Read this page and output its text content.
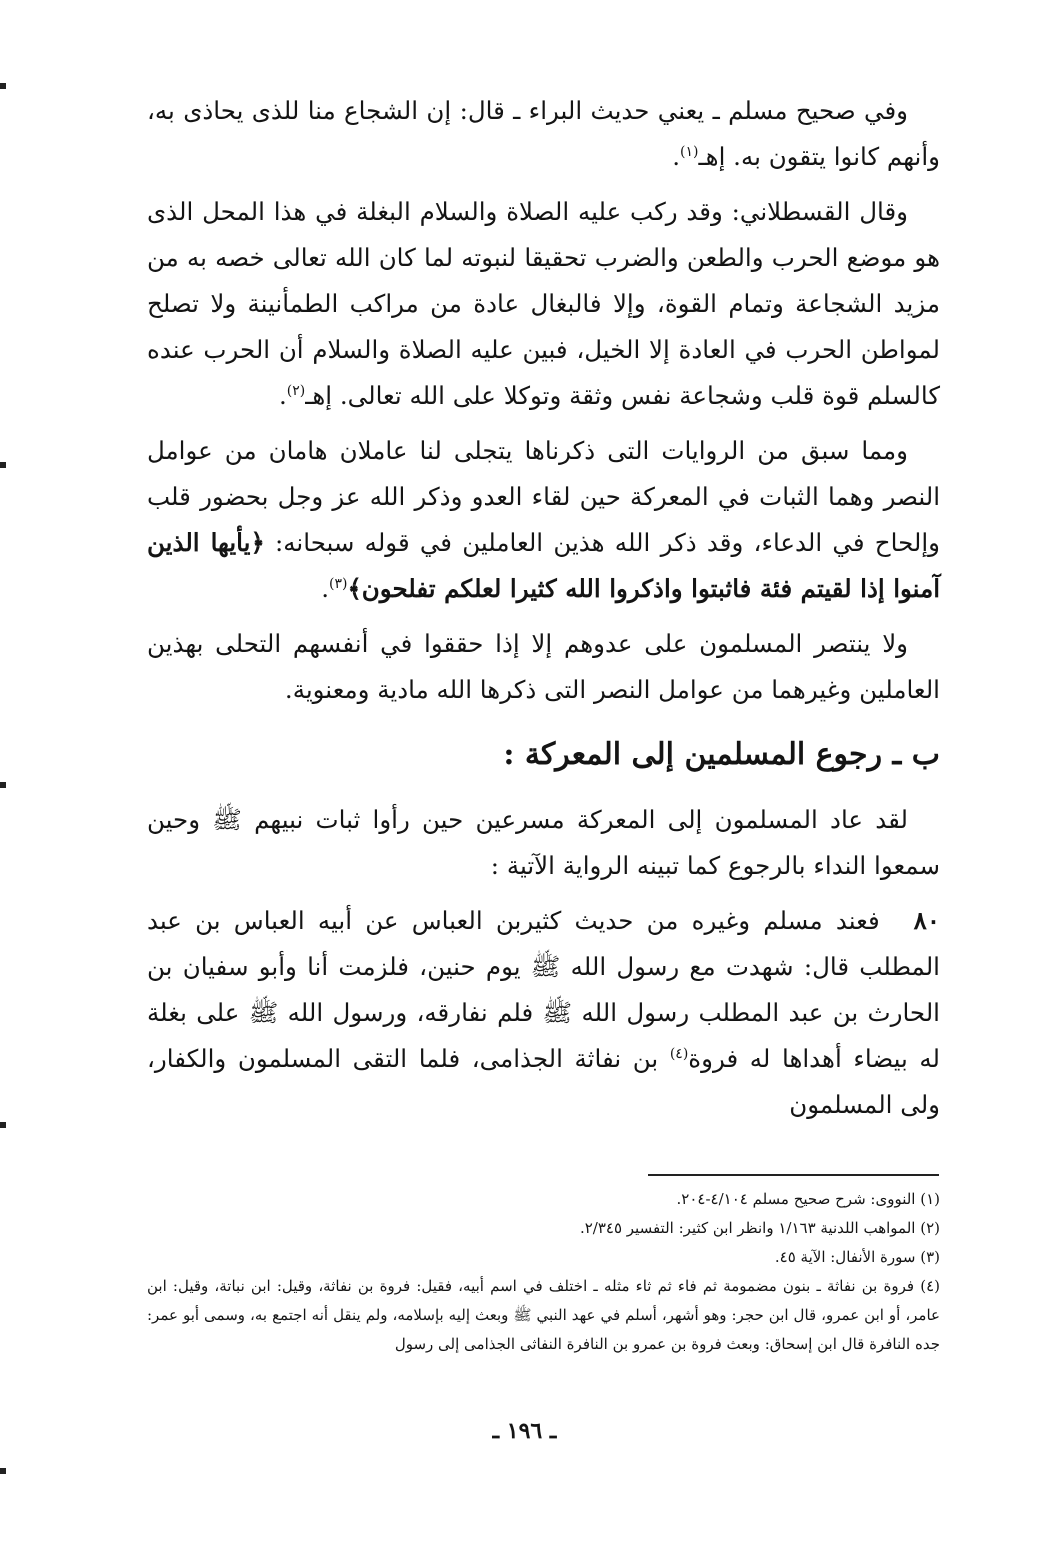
وفي صحيح مسلم ـ يعني حديث البراء ـ قال: إن الشجاع منا للذى يحاذى به، وأنهم كانوا يتقون به. إهـ$^{(١)}$.

وقال القسطلاني: وقد ركب عليه الصلاة والسلام البغلة في هذا المحل الذى هو موضع الحرب والطعن والضرب تحقيقا لنبوته لما كان الله تعالى خصه به من مزيد الشجاعة وتمام القوة، وإلا فالبغال عادة من مراكب الطمأنينة ولا تصلح لمواطن الحرب في العادة إلا الخيل، فبين عليه الصلاة والسلام أن الحرب عنده كالسلم قوة قلب وشجاعة نفس وثقة وتوكلا على الله تعالى. إهـ$^{(٢)}$.

ومما سبق من الروايات التى ذكرناها يتجلى لنا عاملان هامان من عوامل النصر وهما الثبات في المعركة حين لقاء العدو وذكر الله عز وجل بحضور قلب وإلحاح في الدعاء، وقد ذكر الله هذين العاملين في قوله سبحانه: ﴿يأيها الذين آمنوا إذا لقيتم فئة فاثبتوا واذكروا الله كثيرا لعلكم تفلحون﴾$^{(٣)}$.

ولا ينتصر المسلمون على عدوهم إلا إذا حققوا في أنفسهم التحلى بهذين العاملين وغيرهما من عوامل النصر التى ذكرها الله مادية ومعنوية.

ب ـ رجوع المسلمين إلى المعركة :

لقد عاد المسلمون إلى المعركة مسرعين حين رأوا ثبات نبيهم ﷺ وحين سمعوا النداء بالرجوع كما تبينه الرواية الآتية :

٨٠فعند مسلم وغيره من حديث كثيربن العباس عن أبيه العباس بن عبد المطلب قال: شهدت مع رسول الله ﷺ يوم حنين، فلزمت أنا وأبو سفيان بن الحارث بن عبد المطلب رسول الله ﷺ فلم نفارقه، ورسول الله ﷺ على بغلة له بيضاء أهداها له فروة$^{(٤)}$ بن نفاثة الجذامى، فلما التقى المسلمون والكفار، ولى المسلمون

(١) النووى: شرح صحيح مسلم ٤/١٠٤-٢٠٤.

(٢) المواهب اللدنية ١/١٦٣ وانظر ابن كثير: التفسير ٢/٣٤٥.

(٣) سورة الأنفال: الآية ٤٥.

(٤) فروة بن نفاثة ـ بنون مضمومة ثم فاء ثم ثاء مثله ـ اختلف في اسم أبيه، فقيل: فروة بن نفاثة، وقيل: ابن نباتة، وقيل: ابن عامر، أو ابن عمرو، قال ابن حجر: وهو أشهر، أسلم في عهد النبي ﷺ وبعث إليه بإسلامه، ولم ينقل أنه اجتمع به، وسمى أبو عمر: جده النافرة قال ابن إسحاق: وبعث فروة بن عمرو بن النافرة النفاثى الجذامى إلى رسول

ـ ١٩٦ ـ
